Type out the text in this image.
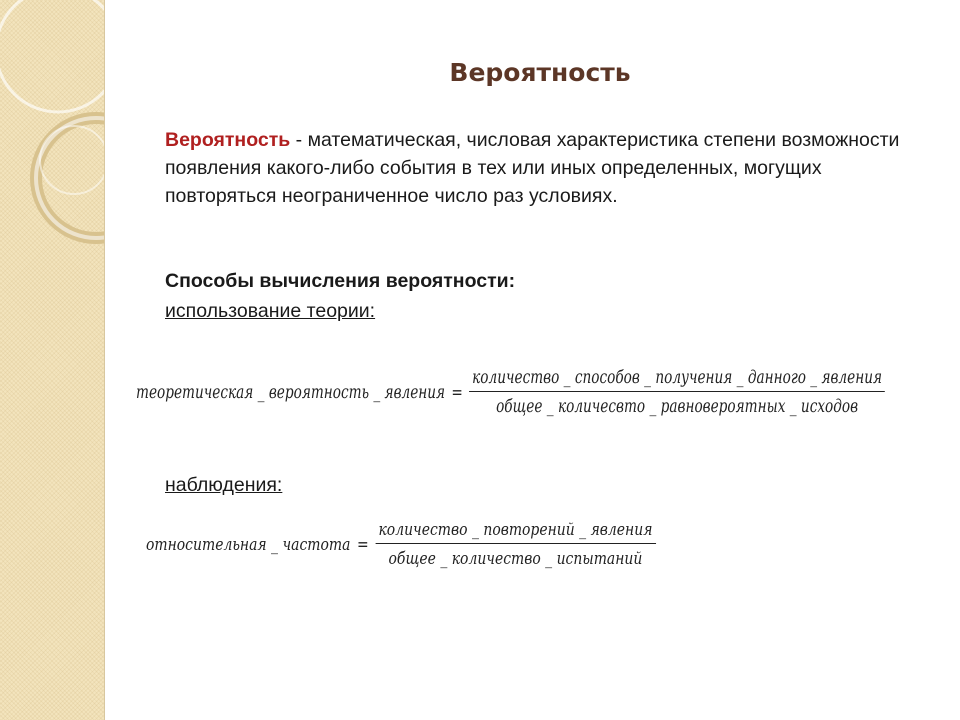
Вероятность
Вероятность - математическая, числовая характеристика степени возможности появления какого-либо события в тех или иных определенных, могущих повторяться неограниченное число раз условиях.
Способы вычисления вероятности:
использование теории:
теоретическая _ вероятность _ явления = $\frac{\text{количество \_ способов \_ получения \_ данного \_ явления}}{\text{общее \_ количесвто \_ равновероятных \_ исходов}}$
наблюдения:
относительная _ частота = $\frac{\text{количество \_ повторений \_ явления}}{\text{общее \_ количество \_ испытаний}}$
